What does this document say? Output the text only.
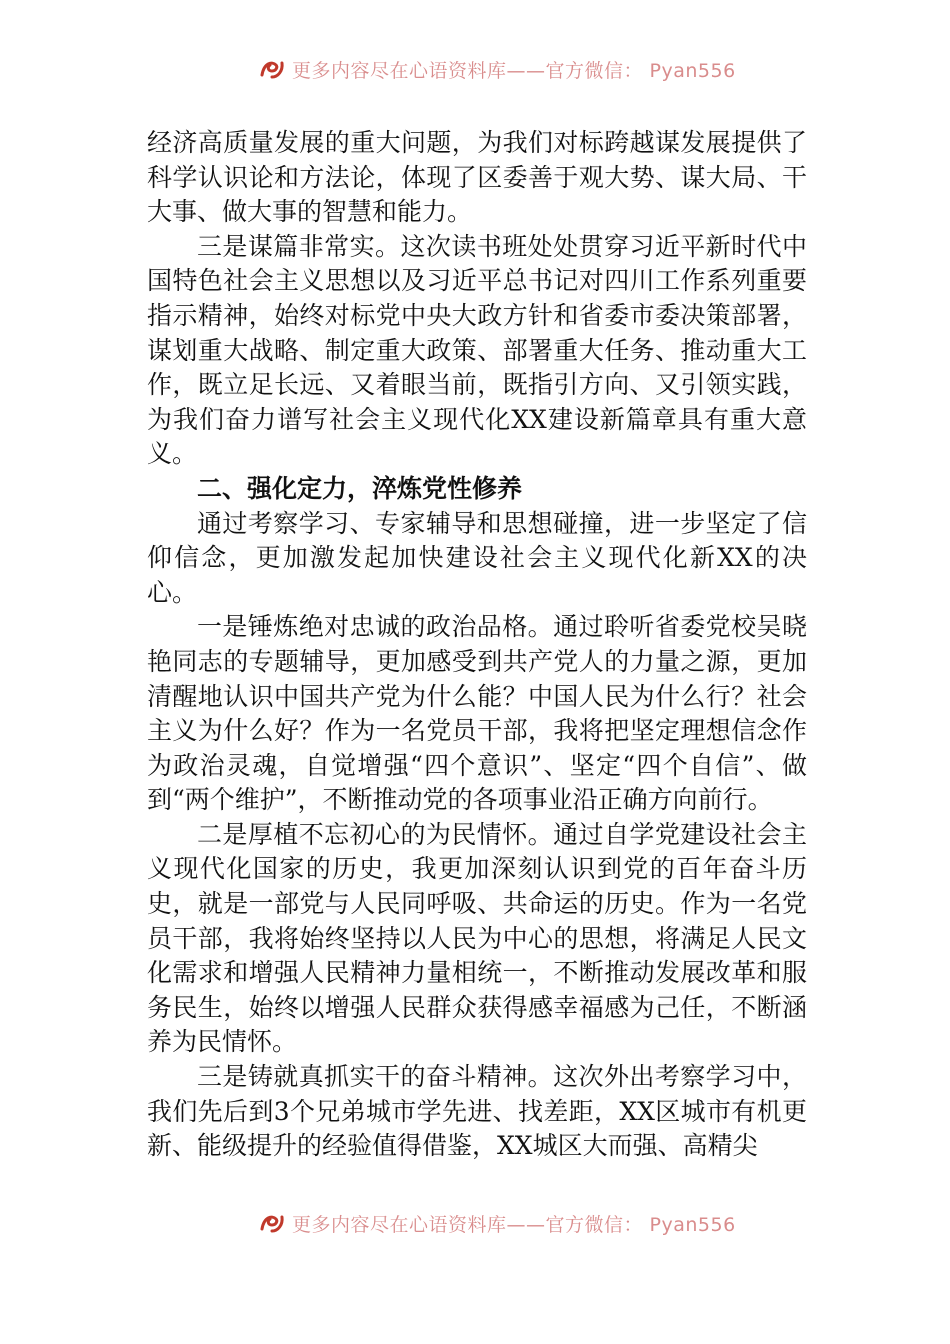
更多内容尽在心语资料库——官方微信： Pyan556

经济高质量发展的重大问题，为我们对标跨越谋发展提供了科学认识论和方法论，体现了区委善于观大势、谋大局、干大事、做大事的智慧和能力。

三是谋篇非常实。这次读书班处处贯穿习近平新时代中国特色社会主义思想以及习近平总书记对四川工作系列重要指示精神，始终对标党中央大政方针和省委市委决策部署，谋划重大战略、制定重大政策、部署重大任务、推动重大工作，既立足长远、又着眼当前，既指引方向、又引领实践，为我们奋力谱写社会主义现代化XX建设新篇章具有重大意义。

二、强化定力，淬炼党性修养

通过考察学习、专家辅导和思想碰撞，进一步坚定了信仰信念，更加激发起加快建设社会主义现代化新XX的决心。

一是锤炼绝对忠诚的政治品格。通过聆听省委党校吴晓艳同志的专题辅导，更加感受到共产党人的力量之源，更加清醒地认识中国共产党为什么能？中国人民为什么行？社会主义为什么好？作为一名党员干部，我将把坚定理想信念作为政治灵魂，自觉增强“四个意识”、坚定“四个自信”、做到“两个维护”，不断推动党的各项事业沿正确方向前行。

二是厚植不忘初心的为民情怀。通过自学党建设社会主义现代化国家的历史，我更加深刻认识到党的百年奋斗历史，就是一部党与人民同呼吸、共命运的历史。作为一名党员干部，我将始终坚持以人民为中心的思想，将满足人民文化需求和增强人民精神力量相统一，不断推动发展改革和服务民生，始终以增强人民群众获得感幸福感为己任，不断涵养为民情怀。

三是铸就真抓实干的奋斗精神。这次外出考察学习中，我们先后到3个兄弟城市学先进、找差距，XX区城市有机更新、能级提升的经验值得借鉴，XX城区大而强、高精尖

更多内容尽在心语资料库——官方微信： Pyan556
